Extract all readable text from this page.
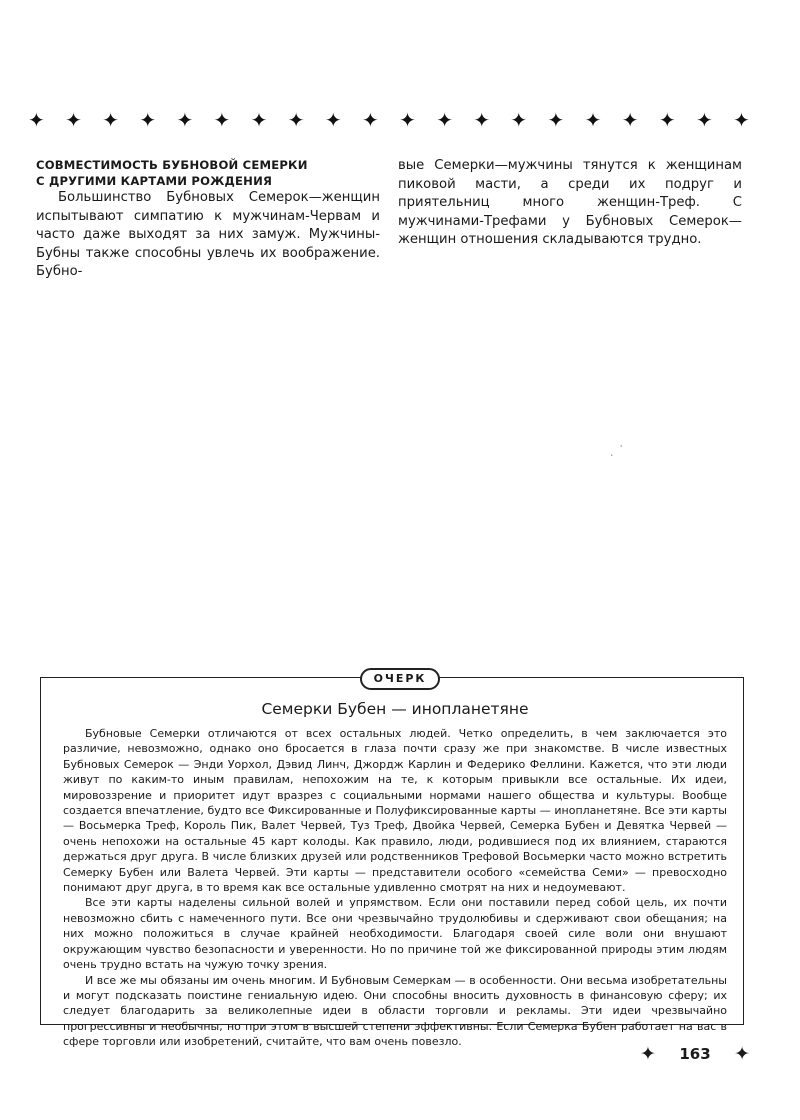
✦ ✦ ✦ ✦ ✦ ✦ ✦ ✦ ✦ ✦ ✦ ✦ ✦ ✦ ✦ ✦ ✦ ✦ ✦ ✦
СОВМЕСТИМОСТЬ БУБНОВОЙ СЕМЕРКИ
С ДРУГИМИ КАРТАМИ РОЖДЕНИЯ

Большинство Бубновых Семерок—женщин испытывают симпатию к мужчинам-Червам и часто даже выходят за них замуж. Мужчины-Бубны также способны увлечь их воображение. Бубно-

вые Семерки—мужчины тянутся к женщинам пиковой масти, а среди их подруг и приятельниц много женщин-Треф. С мужчинами-Трефами у Бубновых Семерок—женщин отношения складываются трудно.

ˈ
ˋ
Семерки Бубен — инопланетяне

Бубновые Семерки отличаются от всех остальных людей. Четко определить, в чем заключается это различие, невозможно, однако оно бросается в глаза почти сразу же при знакомстве. В числе известных Бубновых Семерок — Энди Уорхол, Дэвид Линч, Джордж Карлин и Федерико Феллини. Кажется, что эти люди живут по каким-то иным правилам, непохожим на те, к которым привыкли все остальные. Их идеи, мировоззрение и приоритет идут вразрез с социальными нормами нашего общества и культуры. Вообще создается впечатление, будто все Фиксированные и Полуфиксированные карты — инопланетяне. Все эти карты — Восьмерка Треф, Король Пик, Валет Червей, Туз Треф, Двойка Червей, Семерка Бубен и Девятка Червей — очень непохожи на остальные 45 карт колоды. Как правило, люди, родившиеся под их влиянием, стараются держаться друг друга. В числе близких друзей или родственников Трефовой Восьмерки часто можно встретить Семерку Бубен или Валета Червей. Эти карты — представители особого «семейства Семи» — превосходно понимают друг друга, в то время как все остальные удивленно смотрят на них и недоумевают.

Все эти карты наделены сильной волей и упрямством. Если они поставили перед собой цель, их почти невозможно сбить с намеченного пути. Все они чрезвычайно трудолюбивы и сдерживают свои обещания; на них можно положиться в случае крайней необходимости. Благодаря своей силе воли они внушают окружающим чувство безопасности и уверенности. Но по причине той же фиксированной природы этим людям очень трудно встать на чужую точку зрения.

И все же мы обязаны им очень многим. И Бубновым Семеркам — в особенности. Они весьма изобретательны и могут подсказать поистине гениальную идею. Они способны вносить духовность в финансовую сферу; их следует благодарить за великолепные идеи в области торговли и рекламы. Эти идеи чрезвычайно прогрессивны и необычны, но при этом в высшей степени эффективны. Если Семерка Бубен работает на вас в сфере торговли или изобретений, считайте, что вам очень повезло.

ОЧЕРК
✦ 163 ✦
